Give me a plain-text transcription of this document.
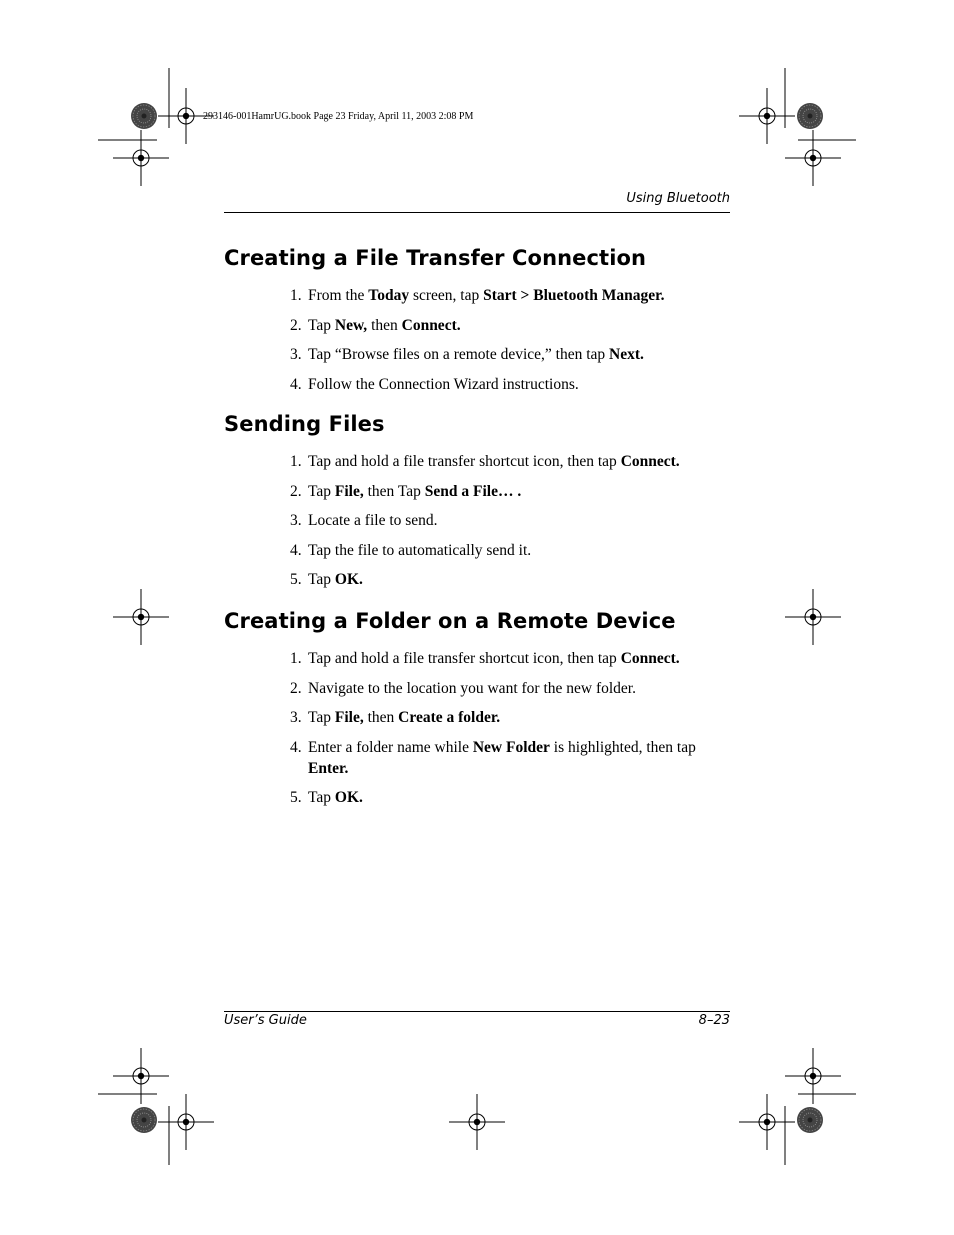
293146-001HamrUG.book Page 23 Friday, April 11, 2003 2:08 PM
Using Bluetooth
Creating a File Transfer Connection
1. From the Today screen, tap Start > Bluetooth Manager.
2. Tap New, then Connect.
3. Tap “Browse files on a remote device,” then tap Next.
4. Follow the Connection Wizard instructions.
Sending Files
1. Tap and hold a file transfer shortcut icon, then tap Connect.
2. Tap File, then Tap Send a File… .
3. Locate a file to send.
4. Tap the file to automatically send it.
5. Tap OK.
Creating a Folder on a Remote Device
1. Tap and hold a file transfer shortcut icon, then tap Connect.
2. Navigate to the location you want for the new folder.
3. Tap File, then Create a folder.
4. Enter a folder name while New Folder is highlighted, then tap Enter.
5. Tap OK.
User’s Guide	8–23
